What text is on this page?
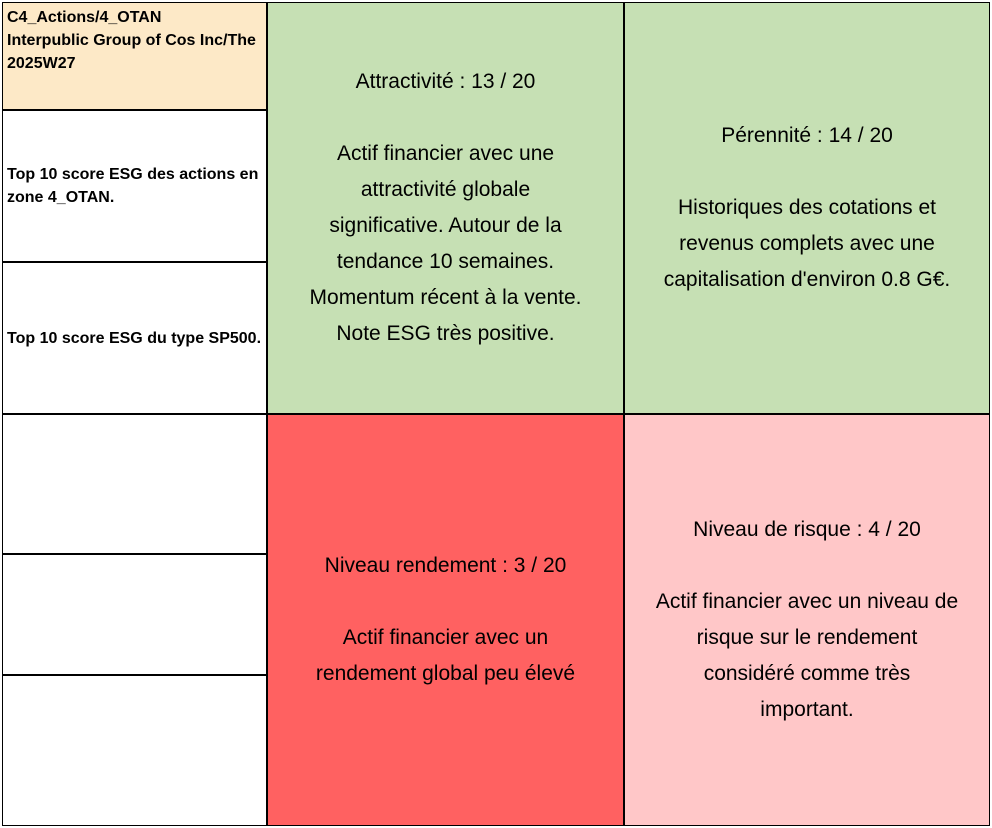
C4_Actions/4_OTAN
Interpublic Group of Cos Inc/The
2025W27
Top 10 score ESG des actions en zone 4_OTAN.
Top 10 score ESG du type SP500.
Attractivité : 13 / 20
Actif financier avec une
attractivité globale
significative. Autour de la
tendance 10 semaines.
Momentum récent à la vente.
Note ESG très positive.
Pérennité : 14 / 20
Historiques des cotations et
revenus complets avec une
capitalisation d'environ 0.8 G€.
Niveau rendement : 3 / 20
Actif financier avec un
rendement global peu élevé
Niveau de risque : 4 / 20
Actif financier avec un niveau de
risque sur le rendement
considéré comme très
important.
